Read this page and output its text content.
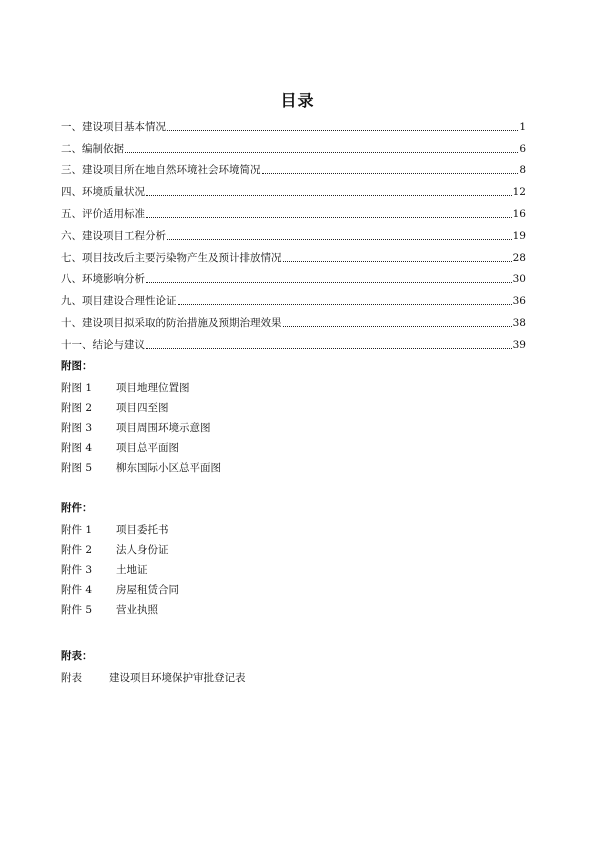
目录
一、建设项目基本情况	1
二、编制依据	6
三、建设项目所在地自然环境社会环境简况	8
四、环境质量状况	12
五、评价适用标准	16
六、建设项目工程分析	19
七、项目技改后主要污染物产生及预计排放情况	28
八、环境影响分析	30
九、项目建设合理性论证	36
十、建设项目拟采取的防治措施及预期治理效果	38
十一、结论与建议	39
附图：
附图 1 项目地理位置图
附图 2 项目四至图
附图 3 项目周围环境示意图
附图 4 项目总平面图
附图 5 柳东国际小区总平面图
附件：
附件 1 项目委托书
附件 2 法人身份证
附件 3 土地证
附件 4 房屋租赁合同
附件 5 营业执照
附表：
附表	建设项目环境保护审批登记表
